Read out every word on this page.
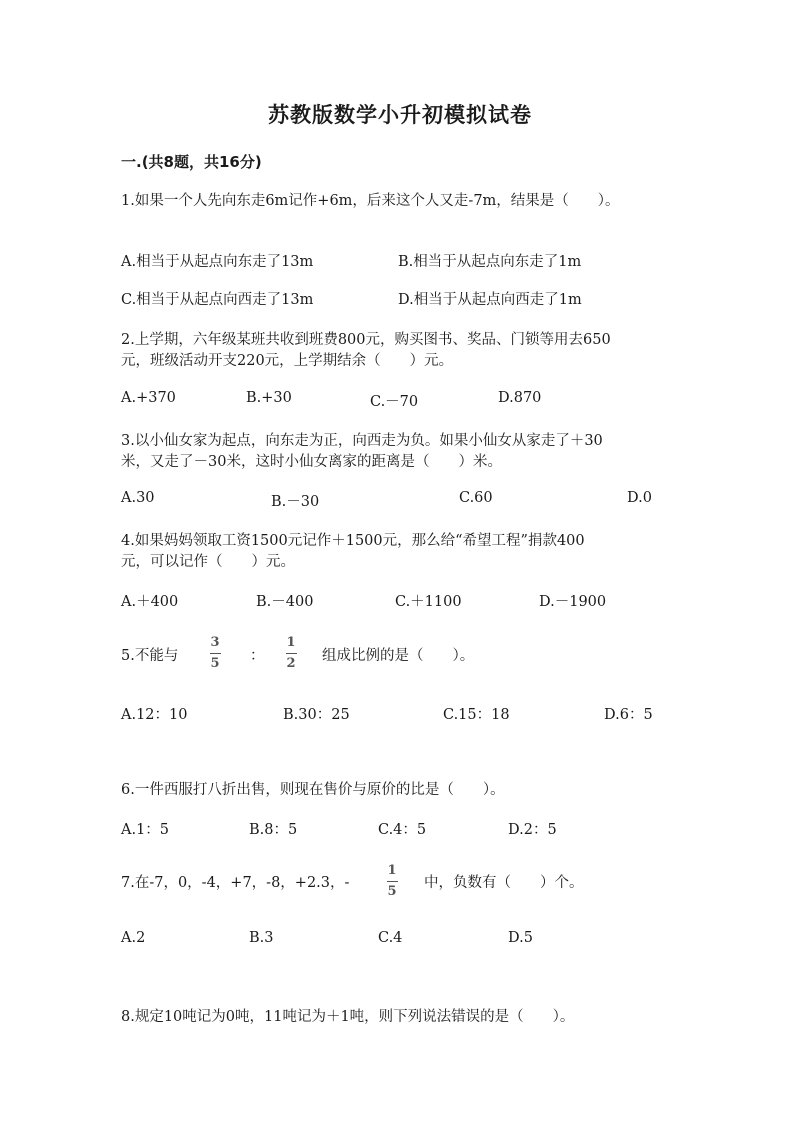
苏教版数学小升初模拟试卷
一.(共8题，共16分)
1.如果一个人先向东走6m记作+6m，后来这个人又走-7m，结果是（　　）。
A.相当于从起点向东走了13m	B.相当于从起点向东走了1m
C.相当于从起点向西走了13m	D.相当于从起点向西走了1m
2.上学期，六年级某班共收到班费800元，购买图书、奖品、门锁等用去650
元，班级活动开支220元，上学期结余（　　）元。
A.+370	B.+30	C.－70	D.870
3.以小仙女家为起点，向东走为正，向西走为负。如果小仙女从家走了＋30
米，又走了－30米，这时小仙女离家的距离是（　　）米。
A.30	B.－30	C.60	D.0
4.如果妈妈领取工资1500元记作＋1500元，那么给“希望工程”捐款400
元，可以记作（　　）元。
A.＋400	B.－400	C.＋1100	D.－1900
5.不能与
3
5 ：
1
2 组成比例的是（　　）。
A.12：10	B.30：25	C.15：18	D.6：5
6.一件西服打八折出售，则现在售价与原价的比是（　　）。
A.1：5	B.8：5	C.4：5	D.2：5
7.在-7，0，-4，+7，-8，+2.3，-
1
5
中，负数有（　　）个。
A.2	B.3	C.4	D.5
8.规定10吨记为0吨，11吨记为＋1吨，则下列说法错误的是（　　）。
